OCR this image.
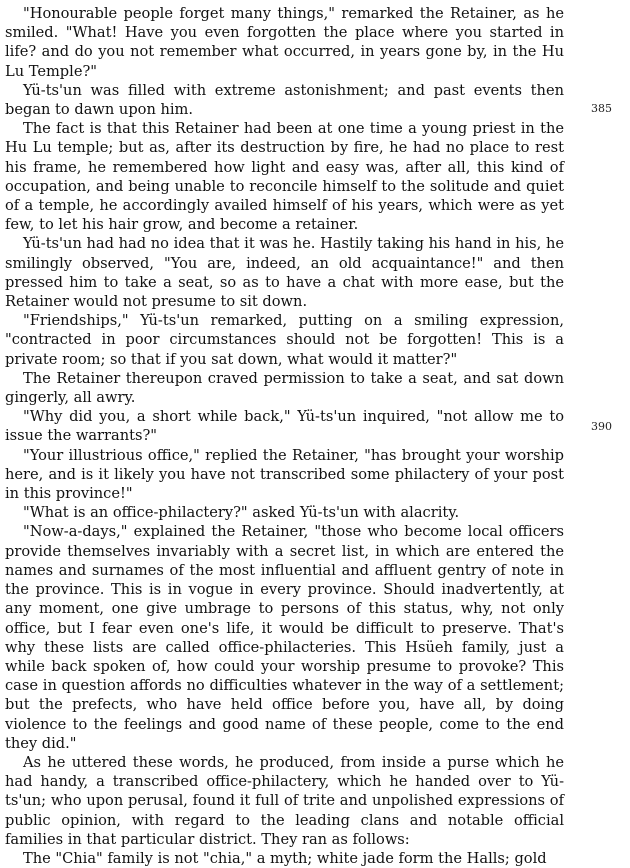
"Honourable people forget many things," remarked the Retainer, as he smiled. "What! Have you even forgotten the place where you started in life? and do you not remember what occurred, in years gone by, in the Hu Lu Temple?"

Yü-ts'un was filled with extreme astonishment; and past events then began to dawn upon him.

The fact is that this Retainer had been at one time a young priest in the Hu Lu temple; but as, after its destruction by fire, he had no place to rest his frame, he remembered how light and easy was, after all, this kind of occupation, and being unable to reconcile himself to the solitude and quiet of a temple, he accordingly availed himself of his years, which were as yet few, to let his hair grow, and become a retainer.

Yü-ts'un had had no idea that it was he. Hastily taking his hand in his, he smilingly observed, "You are, indeed, an old acquaintance!" and then pressed him to take a seat, so as to have a chat with more ease, but the Retainer would not presume to sit down.

"Friendships," Yü-ts'un remarked, putting on a smiling expression, "contracted in poor circumstances should not be forgotten! This is a private room; so that if you sat down, what would it matter?"

The Retainer thereupon craved permission to take a seat, and sat down gingerly, all awry.

"Why did you, a short while back," Yü-ts'un inquired, "not allow me to issue the warrants?"

"Your illustrious office," replied the Retainer, "has brought your worship here, and is it likely you have not transcribed some philactery of your post in this province!"

"What is an office-philactery?" asked Yü-ts'un with alacrity.

"Now-a-days," explained the Retainer, "those who become local officers provide themselves invariably with a secret list, in which are entered the names and surnames of the most influential and affluent gentry of note in the province. This is in vogue in every province. Should inadvertently, at any moment, one give umbrage to persons of this status, why, not only office, but I fear even one's life, it would be difficult to preserve. That's why these lists are called office-philacteries. This Hsüeh family, just a while back spoken of, how could your worship presume to provoke? This case in question affords no difficulties whatever in the way of a settlement; but the prefects, who have held office before you, have all, by doing violence to the feelings and good name of these people, come to the end they did."

As he uttered these words, he produced, from inside a purse which he had handy, a transcribed office-philactery, which he handed over to Yü-ts'un; who upon perusal, found it full of trite and unpolished expressions of public opinion, with regard to the leading clans and notable official families in that particular district. They ran as follows:

The "Chia" family is not "chia," a myth; white jade form the Halls; gold

385
390
